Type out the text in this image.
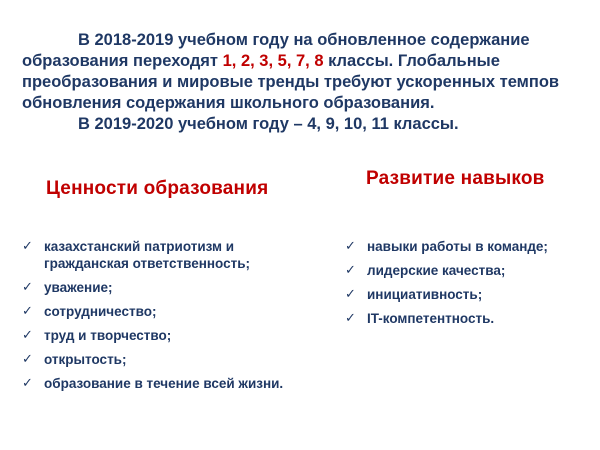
В 2018-2019 учебном году на обновленное содержание образования переходят 1, 2, 3, 5, 7, 8 классы. Глобальные преобразования и мировые тренды требуют ускоренных темпов обновления содержания школьного образования.

В 2019-2020 учебном году – 4, 9, 10, 11 классы.

Ценности образования	Развитие навыков
✓ казахстанский патриотизм и гражданская ответственность;
✓ уважение;
✓ сотрудничество;
✓ труд и творчество;
✓ открытость;
✓ образование в течение всей жизни.
✓ навыки работы в команде;
✓ лидерские качества;
✓ инициативность;
✓ IT-компетентность.
